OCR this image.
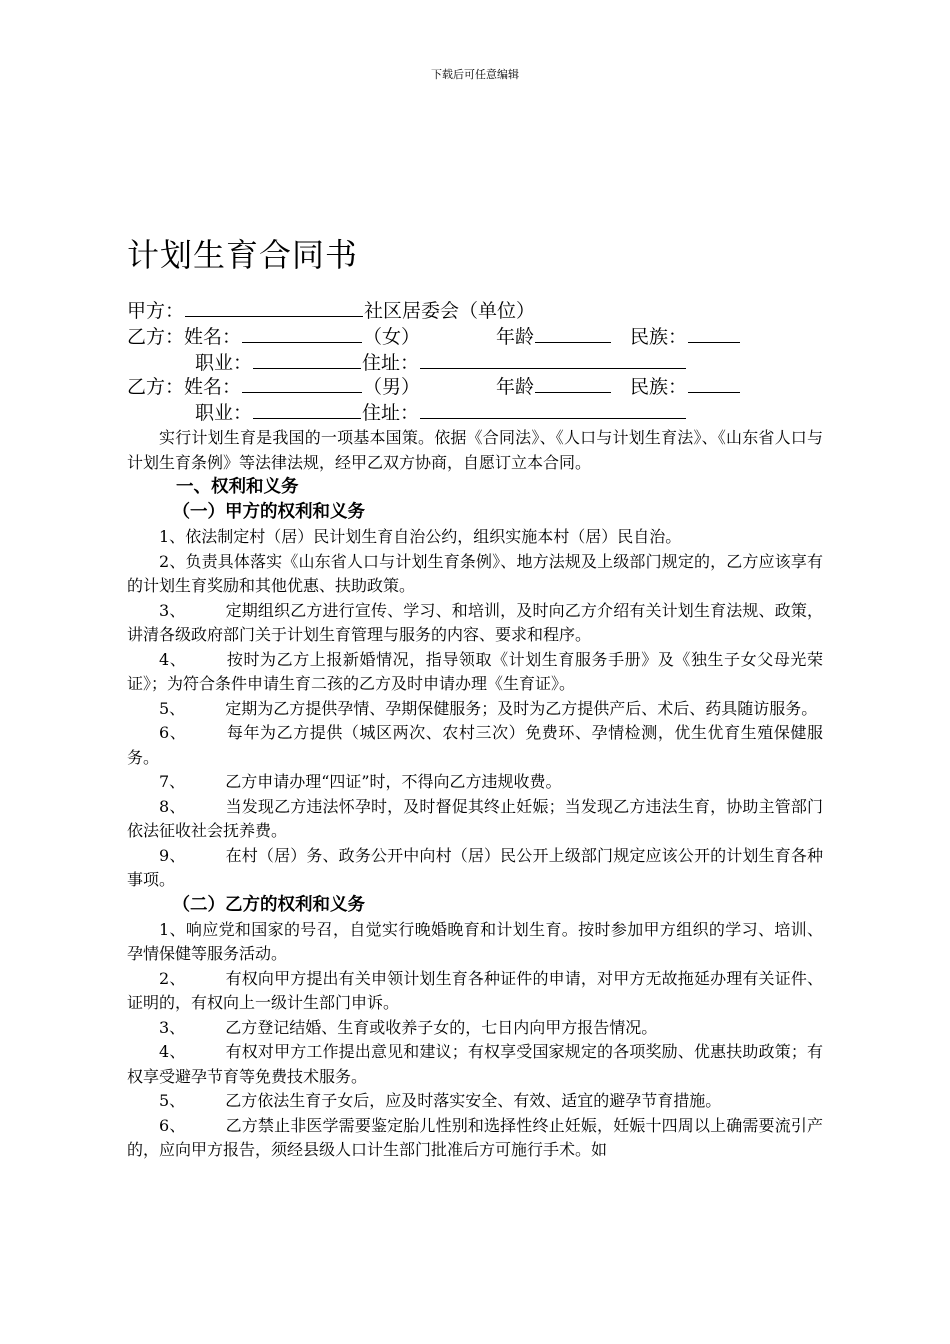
下载后可任意编辑
计划生育合同书
甲方：	社区居委会（单位）
乙方：姓名：	（女）	年龄	民族：
职业：	住址：
乙方：姓名：	（男）	年龄	民族：
职业：	住址：

实行计划生育是我国的一项基本国策。依据《合同法》、《人口与计划生育法》、《山东省人口与计划生育条例》等法律法规，经甲乙双方协商，自愿订立本合同。

一、权利和义务

（一）甲方的权利和义务

1、依法制定村（居）民计划生育自治公约，组织实施本村（居）民自治。

2、负责具体落实《山东省人口与计划生育条例》、地方法规及上级部门规定的，乙方应该享有的计划生育奖励和其他优惠、扶助政策。

3、	定期组织乙方进行宣传、学习、和培训，及时向乙方介绍有关计划生育法规、政策，讲清各级政府部门关于计划生育管理与服务的内容、要求和程序。

4、	按时为乙方上报新婚情况，指导领取《计划生育服务手册》及《独生子女父母光荣证》；为符合条件申请生育二孩的乙方及时申请办理《生育证》。

5、	定期为乙方提供孕情、孕期保健服务；及时为乙方提供产后、术后、药具随访服务。

6、	每年为乙方提供（城区两次、农村三次）免费环、孕情检测，优生优育生殖保健服务。

7、	乙方申请办理“四证”时，不得向乙方违规收费。

8、	当发现乙方违法怀孕时，及时督促其终止妊娠；当发现乙方违法生育，协助主管部门依法征收社会抚养费。

9、	在村（居）务、政务公开中向村（居）民公开上级部门规定应该公开的计划生育各种事项。

（二）乙方的权利和义务

1、响应党和国家的号召，自觉实行晚婚晚育和计划生育。按时参加甲方组织的学习、培训、孕情保健等服务活动。

2、	有权向甲方提出有关申领计划生育各种证件的申请，对甲方无故拖延办理有关证件、证明的，有权向上一级计生部门申诉。

3、	乙方登记结婚、生育或收养子女的，七日内向甲方报告情况。

4、	有权对甲方工作提出意见和建议；有权享受国家规定的各项奖励、优惠扶助政策；有权享受避孕节育等免费技术服务。

5、	乙方依法生育子女后，应及时落实安全、有效、适宜的避孕节育措施。

6、	乙方禁止非医学需要鉴定胎儿性别和选择性终止妊娠，妊娠十四周以上确需要流引产的，应向甲方报告，须经县级人口计生部门批准后方可施行手术。如
